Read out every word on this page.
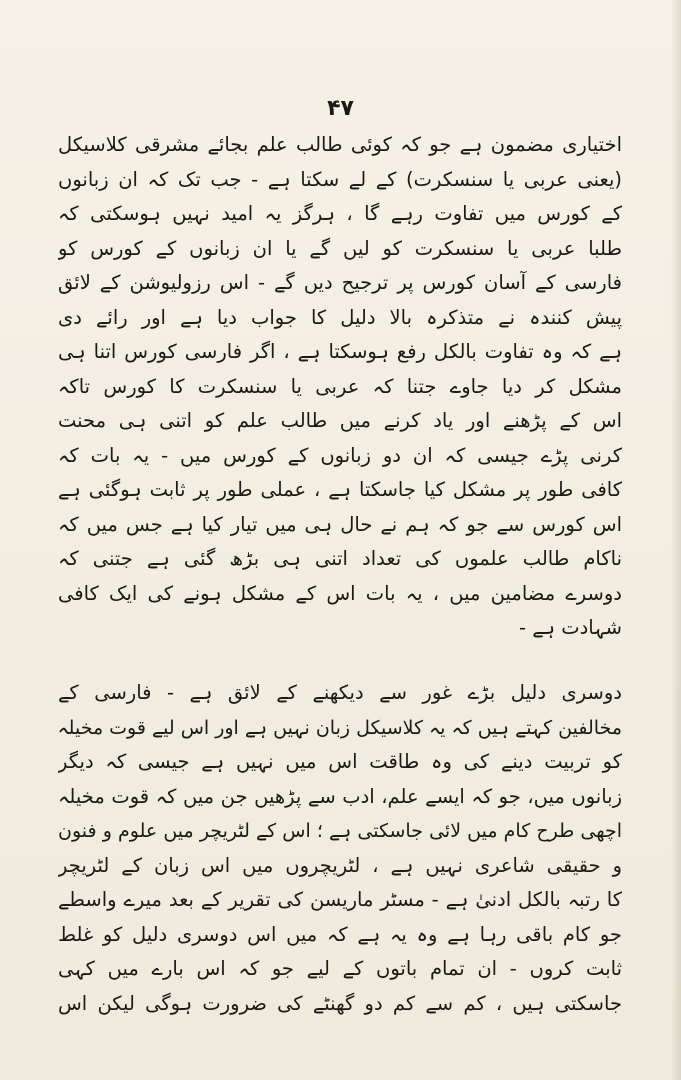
۴۷
اختیاری مضمون ہے جو کہ کوئی طالب علم بجائے مشرقی کلاسیکل
(یعنی عربی یا سنسکرت) کے لے سکتا ہے - جب تک کہ ان زبانوں
کے کورس میں تفاوت رہے گا ، ہرگز یہ امید نہیں ہوسکتی کہ
طلبا عربی یا سنسکرت کو لیں گے یا ان زبانوں کے کورس کو
فارسی کے آسان کورس پر ترجیح دیں گے - اس رزولیوشن کے لائق
پیش کنندہ نے متذکرہ بالا دلیل کا جواب دیا ہے اور رائے دی
ہے کہ وہ تفاوت بالکل رفع ہوسکتا ہے ، اگر فارسی کورس اتنا ہی
مشکل کر دیا جاوے جتنا کہ عربی یا سنسکرت کا کورس تاکہ
اس کے پڑھنے اور یاد کرنے میں طالب علم کو اتنی ہی محنت
کرنی پڑے جیسی کہ ان دو زبانوں کے کورس میں - یہ بات کہ
کافی طور پر مشکل کیا جاسکتا ہے ، عملی طور پر ثابت ہوگئی ہے
اس کورس سے جو کہ ہم نے حال ہی میں تیار کیا ہے جس میں کہ
ناکام طالب علموں کی تعداد اتنی ہی بڑھ گئی ہے جتنی کہ
دوسرے مضامین میں ، یہ بات اس کے مشکل ہونے کی ایک کافی
شہادت ہے -
دوسری دلیل بڑے غور سے دیکھنے کے لائق ہے - فارسی کے
مخالفین کہتے ہیں کہ یہ کلاسیکل زبان نہیں ہے اور اس لیے قوت مخیلہ
کو تربیت دینے کی وہ طاقت اس میں نہیں ہے جیسی کہ دیگر
زبانوں میں، جو کہ ایسے علم، ادب سے پڑھیں جن میں کہ قوت مخیلہ
اچھی طرح کام میں لائی جاسکتی ہے ؛ اس کے لٹریچر میں علوم و فنون
و حقیقی شاعری نہیں ہے ، لٹریچروں میں اس زبان کے لٹریچر
کا رتبہ بالکل ادنیٰ ہے - مسٹر ماریسن کی تقریر کے بعد میرے واسطے
جو کام باقی رہا ہے وہ یہ ہے کہ میں اس دوسری دلیل کو غلط
ثابت کروں - ان تمام باتوں کے لیے جو کہ اس بارے میں کہی
جاسکتی ہیں ، کم سے کم دو گھنٹے کی ضرورت ہوگی لیکن اس
